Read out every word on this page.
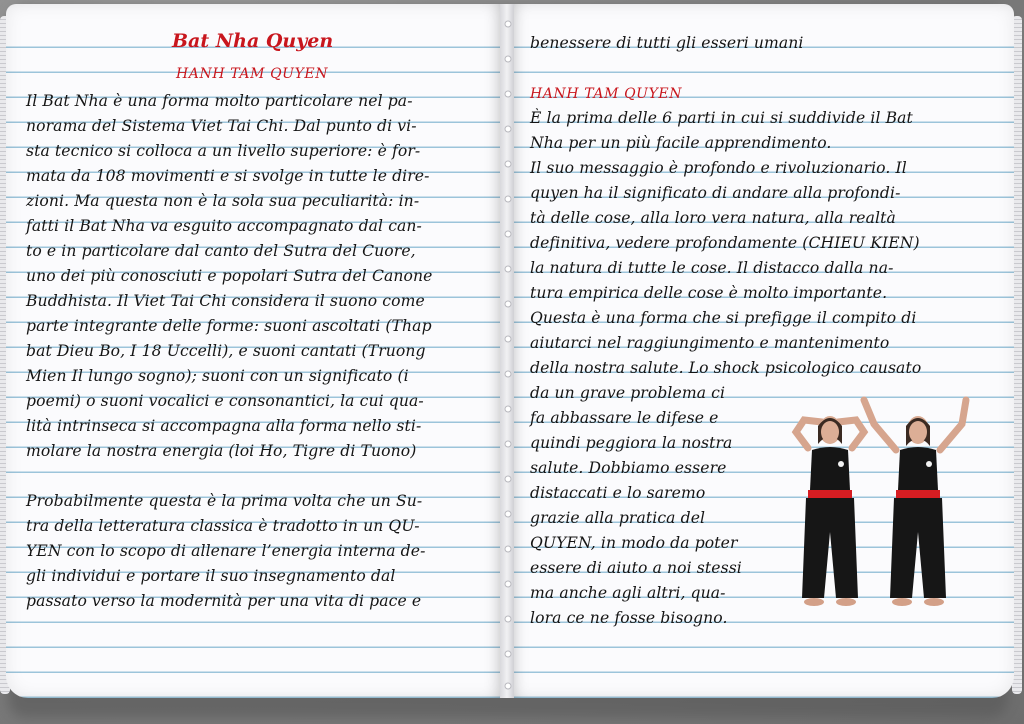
Bat Nha Quyen

HANH TAM QUYEN

Il Bat Nha è una forma molto particolare nel pa-
norama del Sistema Viet Tai Chi. Dal punto di vi-
sta tecnico si colloca a un livello superiore: è for-
mata da 108 movimenti e si svolge in tutte le dire-
zioni. Ma questa non è la sola sua peculiarità: in-
fatti il Bat Nha va esguito accompagnato dal can-
to e in particolare dal canto del Sutra del Cuore,
uno dei più conosciuti e popolari Sutra del Canone
Buddhista. Il Viet Tai Chi considera il suono come
parte integrante delle forme: suoni ascoltati (Thap
bat Dieu Bo, I 18 Uccelli), e suoni cantati (Truong
Mien Il lungo sogno); suoni con un significato (i
poemi) o suoni vocalici e consonantici, la cui qua-
lità intrinseca si accompagna alla forma nello sti-
molare la nostra energia (loi Ho, Tigre di Tuono)

Probabilmente questa è la prima volta che un Su-
tra della letteratura classica è tradotto in un QU-
YEN con lo scopo di allenare l’energia interna de-
gli individui e portare il suo insegnamento dal
passato verso la modernità per una vita di pace e

benessere di tutti gli esseri umani

HANH TAM QUYEN

È la prima delle 6 parti in cui si suddivide il Bat
Nha per un più facile apprendimento.
Il suo messaggio è profondo e rivoluzionario. Il
quyen ha il significato di andare alla profondi-
tà delle cose, alla loro vera natura, alla realtà
definitiva, vedere profondamente (CHIEU KIEN)
la natura di tutte le cose. Il distacco dalla na-
tura empirica delle cose è molto importante.
Questa è una forma che si prefigge il compito di
aiutarci nel raggiungimento e mantenimento
della nostra salute. Lo shock psicologico causato

da un grave problema ci
fa abbassare le difese e
quindi peggiora la nostra
salute. Dobbiamo essere
distaccati e lo saremo
grazie alla pratica del
QUYEN, in modo da poter
essere di aiuto a noi stessi
ma anche agli altri, qua-
lora ce ne fosse bisogno.
